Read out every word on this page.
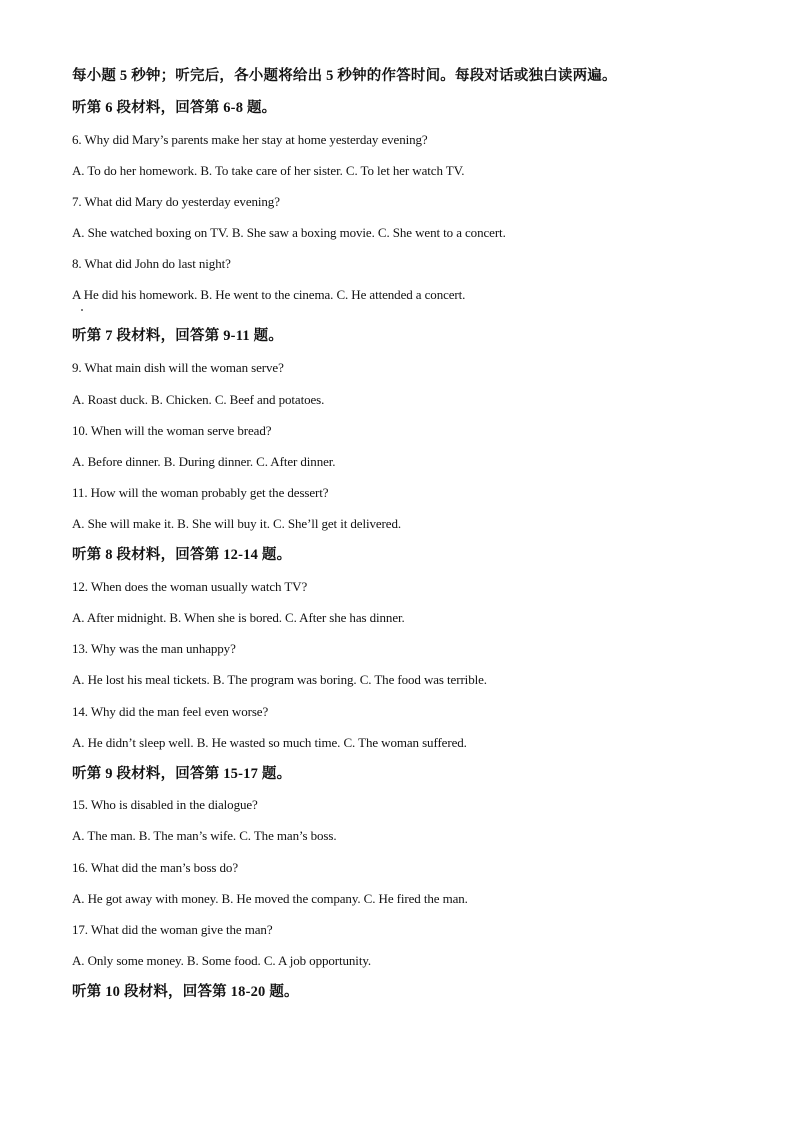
每小题 5 秒钟；听完后，各小题将给出 5 秒钟的作答时间。每段对话或独白读两遍。
听第 6 段材料，回答第 6-8 题。
6. Why did Mary’s parents make her stay at home yesterday evening?
A. To do her homework. B. To take care of her sister. C. To let her watch TV.
7. What did Mary do yesterday evening?
A. She watched boxing on TV. B. She saw a boxing movie. C. She went to a concert.
8. What did John do last night?
A He did his homework. B. He went to the cinema. C. He attended a concert.
听第 7 段材料，回答第 9-11 题。
9. What main dish will the woman serve?
A. Roast duck. B. Chicken. C. Beef and potatoes.
10. When will the woman serve bread?
A. Before dinner. B. During dinner. C. After dinner.
11. How will the woman probably get the dessert?
A. She will make it. B. She will buy it. C. She’ll get it delivered.
听第 8 段材料，回答第 12-14 题。
12. When does the woman usually watch TV?
A. After midnight. B. When she is bored. C. After she has dinner.
13. Why was the man unhappy?
A. He lost his meal tickets. B. The program was boring. C. The food was terrible.
14. Why did the man feel even worse?
A. He didn’t sleep well. B. He wasted so much time. C. The woman suffered.
听第 9 段材料，回答第 15-17 题。
15. Who is disabled in the dialogue?
A. The man. B. The man’s wife. C. The man’s boss.
16. What did the man’s boss do?
A. He got away with money. B. He moved the company. C. He fired the man.
17. What did the woman give the man?
A. Only some money. B. Some food. C. A job opportunity.
听第 10 段材料，回答第 18-20 题。
